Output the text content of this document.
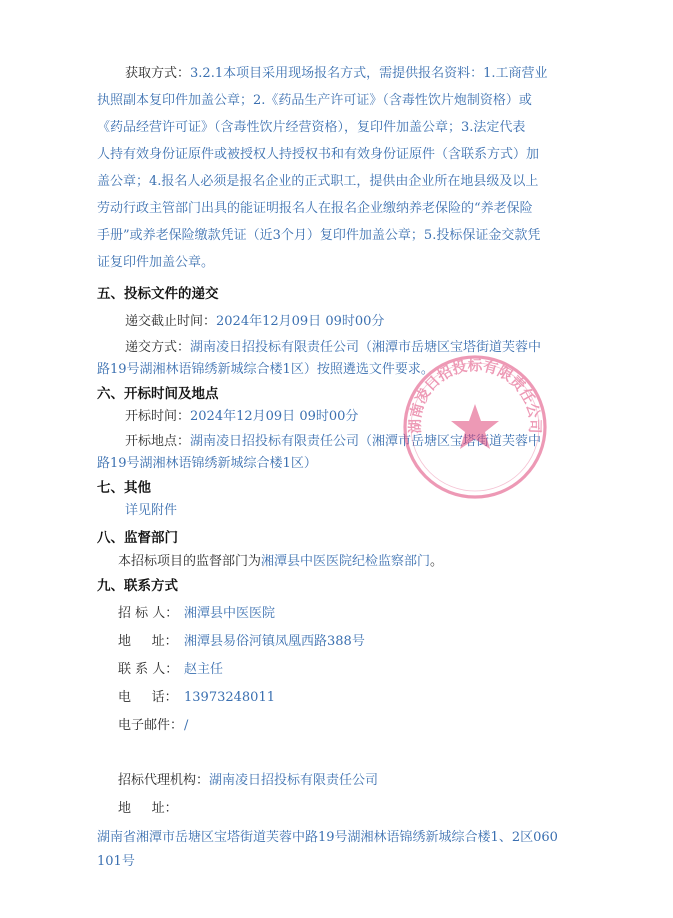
获取方式：3.2.1本项目采用现场报名方式，需提供报名资料：1.工商营业
执照副本复印件加盖公章；2.《药品生产许可证》（含毒性饮片炮制资格）或
《药品经营许可证》（含毒性饮片经营资格），复印件加盖公章；3.法定代表
人持有效身份证原件或被授权人持授权书和有效身份证原件（含联系方式）加
盖公章；4.报名人必须是报名企业的正式职工，提供由企业所在地县级及以上
劳动行政主管部门出具的能证明报名人在报名企业缴纳养老保险的“养老保险
手册”或养老保险缴款凭证（近3个月）复印件加盖公章；5.投标保证金交款凭
证复印件加盖公章。
五、投标文件的递交
递交截止时间：2024年12月09日 09时00分
递交方式：湖南凌日招投标有限责任公司（湘潭市岳塘区宝塔街道芙蓉中
路19号湖湘林语锦绣新城综合楼1区）按照遴选文件要求。
六、开标时间及地点
开标时间：2024年12月09日 09时00分
开标地点：湖南凌日招投标有限责任公司（湘潭市岳塘区宝塔街道芙蓉中
路19号湖湘林语锦绣新城综合楼1区）
七、其他
详见附件
八、监督部门
本招标项目的监督部门为湘潭县中医医院纪检监察部门。
九、联系方式
招 标 人： 湘潭县中医医院
地     址： 湘潭县易俗河镇凤凰西路388号
联 系 人： 赵主任
电     话： 13973248011
电子邮件：/
招标代理机构：湖南凌日招投标有限责任公司
地     址：
湖南省湘潭市岳塘区宝塔街道芙蓉中路19号湖湘林语锦绣新城综合楼1、2区060
101号
湖南凌日招投标有限责任公司
